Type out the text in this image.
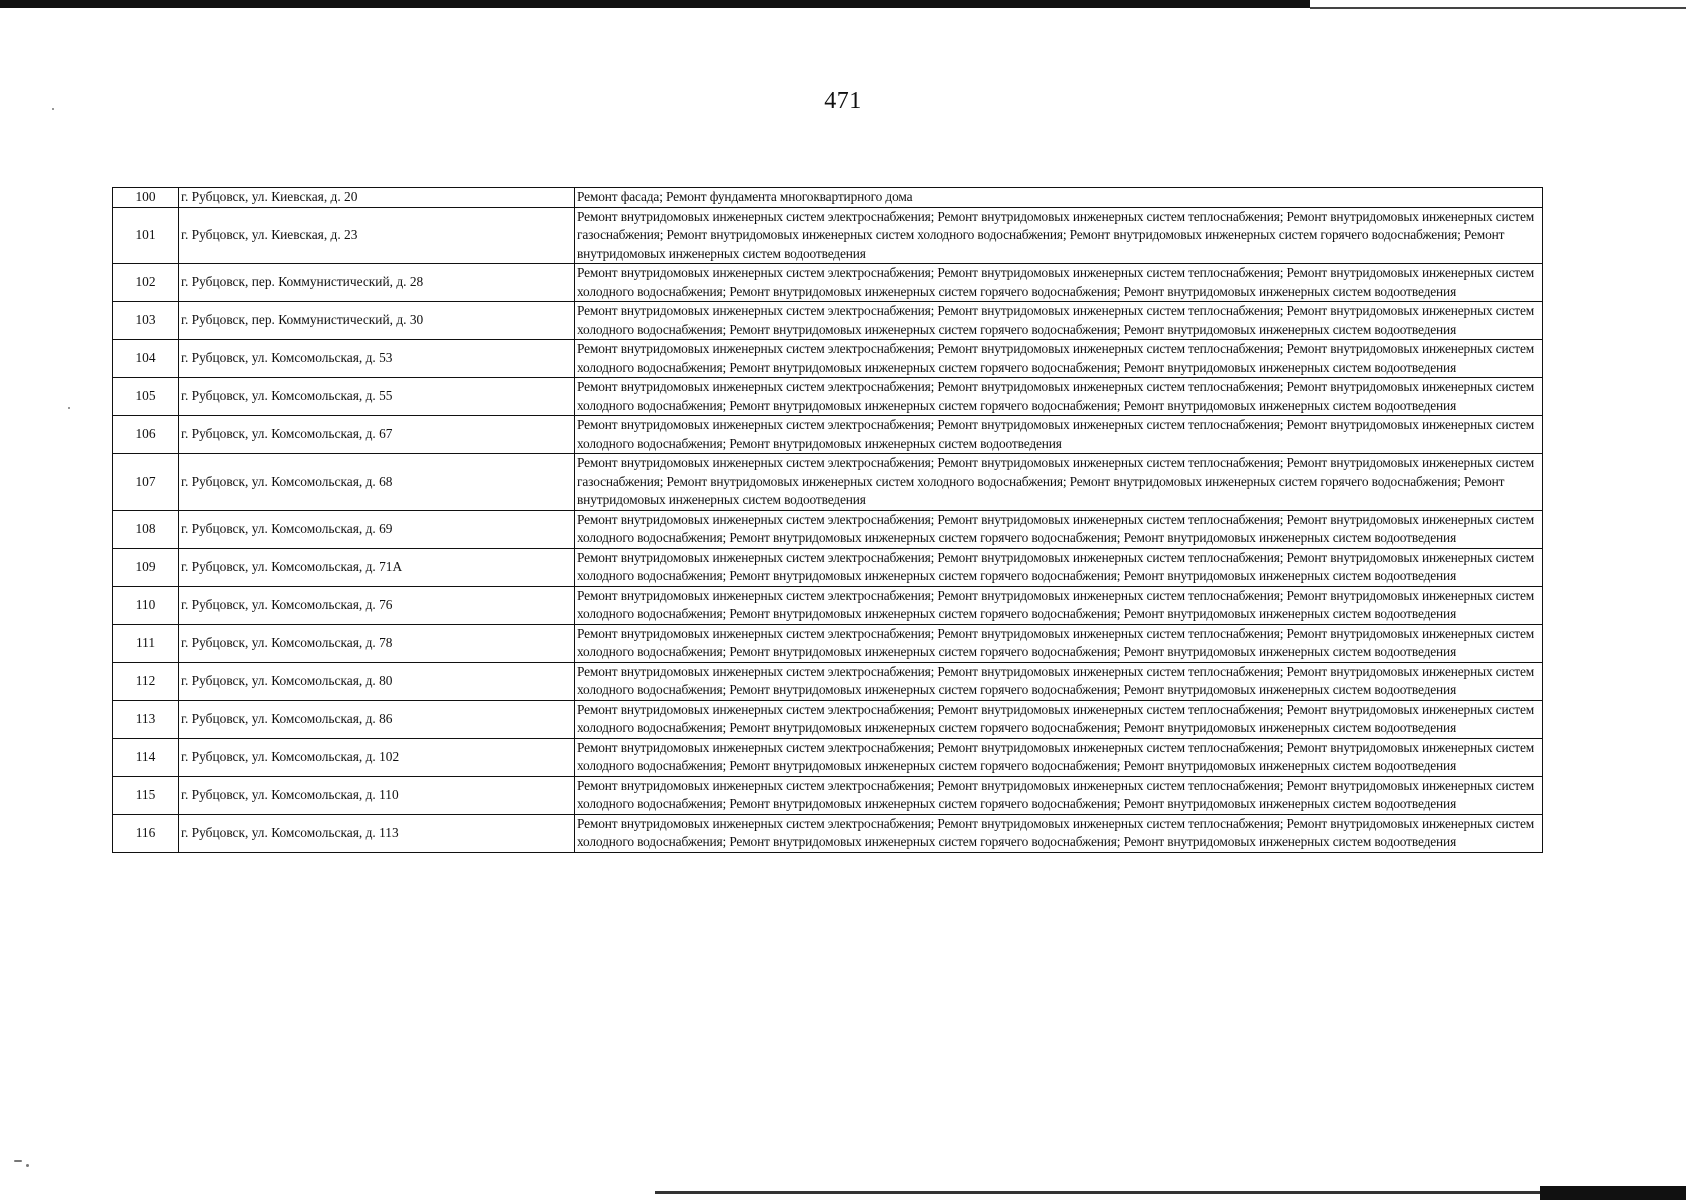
471
100	г. Рубцовск, ул. Киевская, д. 20	Ремонт фасада; Ремонт фундамента многоквартирного дома
101	г. Рубцовск, ул. Киевская, д. 23	Ремонт внутридомовых инженерных систем электроснабжения; Ремонт внутридомовых инженерных систем теплоснабжения; Ремонт внутридомовых инженерных систем газоснабжения; Ремонт внутридомовых инженерных систем холодного водоснабжения; Ремонт внутридомовых инженерных систем горячего водоснабжения; Ремонт внутридомовых инженерных систем водоотведения
102	г. Рубцовск, пер. Коммунистический, д. 28	Ремонт внутридомовых инженерных систем электроснабжения; Ремонт внутридомовых инженерных систем теплоснабжения; Ремонт внутридомовых инженерных систем холодного водоснабжения; Ремонт внутридомовых инженерных систем горячего водоснабжения; Ремонт внутридомовых инженерных систем водоотведения
103	г. Рубцовск, пер. Коммунистический, д. 30	Ремонт внутридомовых инженерных систем электроснабжения; Ремонт внутридомовых инженерных систем теплоснабжения; Ремонт внутридомовых инженерных систем холодного водоснабжения; Ремонт внутридомовых инженерных систем горячего водоснабжения; Ремонт внутридомовых инженерных систем водоотведения
104	г. Рубцовск, ул. Комсомольская, д. 53	Ремонт внутридомовых инженерных систем электроснабжения; Ремонт внутридомовых инженерных систем теплоснабжения; Ремонт внутридомовых инженерных систем холодного водоснабжения; Ремонт внутридомовых инженерных систем горячего водоснабжения; Ремонт внутридомовых инженерных систем водоотведения
105	г. Рубцовск, ул. Комсомольская, д. 55	Ремонт внутридомовых инженерных систем электроснабжения; Ремонт внутридомовых инженерных систем теплоснабжения; Ремонт внутридомовых инженерных систем холодного водоснабжения; Ремонт внутридомовых инженерных систем горячего водоснабжения; Ремонт внутридомовых инженерных систем водоотведения
106	г. Рубцовск, ул. Комсомольская, д. 67	Ремонт внутридомовых инженерных систем электроснабжения; Ремонт внутридомовых инженерных систем теплоснабжения; Ремонт внутридомовых инженерных систем холодного водоснабжения; Ремонт внутридомовых инженерных систем водоотведения
107	г. Рубцовск, ул. Комсомольская, д. 68	Ремонт внутридомовых инженерных систем электроснабжения; Ремонт внутридомовых инженерных систем теплоснабжения; Ремонт внутридомовых инженерных систем газоснабжения; Ремонт внутридомовых инженерных систем холодного водоснабжения; Ремонт внутридомовых инженерных систем горячего водоснабжения; Ремонт внутридомовых инженерных систем водоотведения
108	г. Рубцовск, ул. Комсомольская, д. 69	Ремонт внутридомовых инженерных систем электроснабжения; Ремонт внутридомовых инженерных систем теплоснабжения; Ремонт внутридомовых инженерных систем холодного водоснабжения; Ремонт внутридомовых инженерных систем горячего водоснабжения; Ремонт внутридомовых инженерных систем водоотведения
109	г. Рубцовск, ул. Комсомольская, д. 71А	Ремонт внутридомовых инженерных систем электроснабжения; Ремонт внутридомовых инженерных систем теплоснабжения; Ремонт внутридомовых инженерных систем холодного водоснабжения; Ремонт внутридомовых инженерных систем горячего водоснабжения; Ремонт внутридомовых инженерных систем водоотведения
110	г. Рубцовск, ул. Комсомольская, д. 76	Ремонт внутридомовых инженерных систем электроснабжения; Ремонт внутридомовых инженерных систем теплоснабжения; Ремонт внутридомовых инженерных систем холодного водоснабжения; Ремонт внутридомовых инженерных систем горячего водоснабжения; Ремонт внутридомовых инженерных систем водоотведения
111	г. Рубцовск, ул. Комсомольская, д. 78	Ремонт внутридомовых инженерных систем электроснабжения; Ремонт внутридомовых инженерных систем теплоснабжения; Ремонт внутридомовых инженерных систем холодного водоснабжения; Ремонт внутридомовых инженерных систем горячего водоснабжения; Ремонт внутридомовых инженерных систем водоотведения
112	г. Рубцовск, ул. Комсомольская, д. 80	Ремонт внутридомовых инженерных систем электроснабжения; Ремонт внутридомовых инженерных систем теплоснабжения; Ремонт внутридомовых инженерных систем холодного водоснабжения; Ремонт внутридомовых инженерных систем горячего водоснабжения; Ремонт внутридомовых инженерных систем водоотведения
113	г. Рубцовск, ул. Комсомольская, д. 86	Ремонт внутридомовых инженерных систем электроснабжения; Ремонт внутридомовых инженерных систем теплоснабжения; Ремонт внутридомовых инженерных систем холодного водоснабжения; Ремонт внутридомовых инженерных систем горячего водоснабжения; Ремонт внутридомовых инженерных систем водоотведения
114	г. Рубцовск, ул. Комсомольская, д. 102	Ремонт внутридомовых инженерных систем электроснабжения; Ремонт внутридомовых инженерных систем теплоснабжения; Ремонт внутридомовых инженерных систем холодного водоснабжения; Ремонт внутридомовых инженерных систем горячего водоснабжения; Ремонт внутридомовых инженерных систем водоотведения
115	г. Рубцовск, ул. Комсомольская, д. 110	Ремонт внутридомовых инженерных систем электроснабжения; Ремонт внутридомовых инженерных систем теплоснабжения; Ремонт внутридомовых инженерных систем холодного водоснабжения; Ремонт внутридомовых инженерных систем горячего водоснабжения; Ремонт внутридомовых инженерных систем водоотведения
116	г. Рубцовск, ул. Комсомольская, д. 113	Ремонт внутридомовых инженерных систем электроснабжения; Ремонт внутридомовых инженерных систем теплоснабжения; Ремонт внутридомовых инженерных систем холодного водоснабжения; Ремонт внутридомовых инженерных систем горячего водоснабжения; Ремонт внутридомовых инженерных систем водоотведения
